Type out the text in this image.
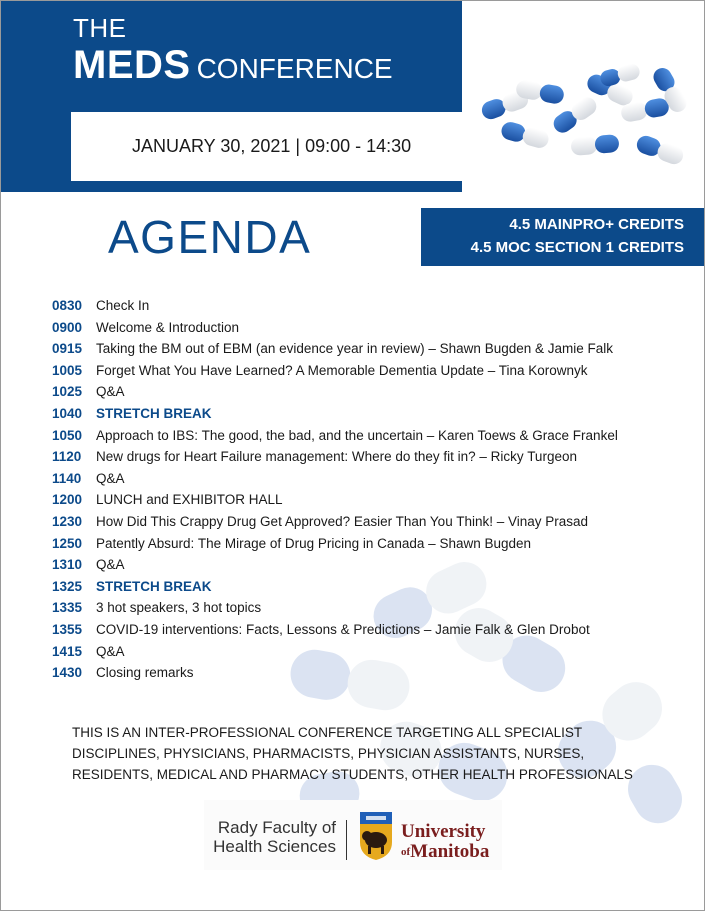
THE
MEDS CONFERENCE
JANUARY 30, 2021 | 09:00 - 14:30
AGENDA	4.5 MAINPRO+ CREDITS
4.5 MOC SECTION 1 CREDITS
0830	Check In
0900	Welcome & Introduction
0915	Taking the BM out of EBM (an evidence year in review) – Shawn Bugden & Jamie Falk
1005	Forget What You Have Learned? A Memorable Dementia Update – Tina Korownyk
1025	Q&A
1040	STRETCH BREAK
1050	Approach to IBS: The good, the bad, and the uncertain – Karen Toews & Grace Frankel
1120	New drugs for Heart Failure management: Where do they fit in? – Ricky Turgeon
1140	Q&A
1200	LUNCH and EXHIBITOR HALL
1230	How Did This Crappy Drug Get Approved? Easier Than You Think! – Vinay Prasad
1250	Patently Absurd: The Mirage of Drug Pricing in Canada – Shawn Bugden
1310	Q&A
1325	STRETCH BREAK
1335	3 hot speakers, 3 hot topics
1355	COVID-19 interventions: Facts, Lessons & Predictions – Jamie Falk & Glen Drobot
1415	Q&A
1430	Closing remarks
THIS IS AN INTER-PROFESSIONAL CONFERENCE TARGETING ALL SPECIALIST DISCIPLINES, PHYSICIANS, PHARMACISTS, PHYSICIAN ASSISTANTS, NURSES, RESIDENTS, MEDICAL AND PHARMACY STUDENTS, OTHER HEALTH PROFESSIONALS
Rady Faculty of
Health Sciences
University
$^{of}$Manitoba
